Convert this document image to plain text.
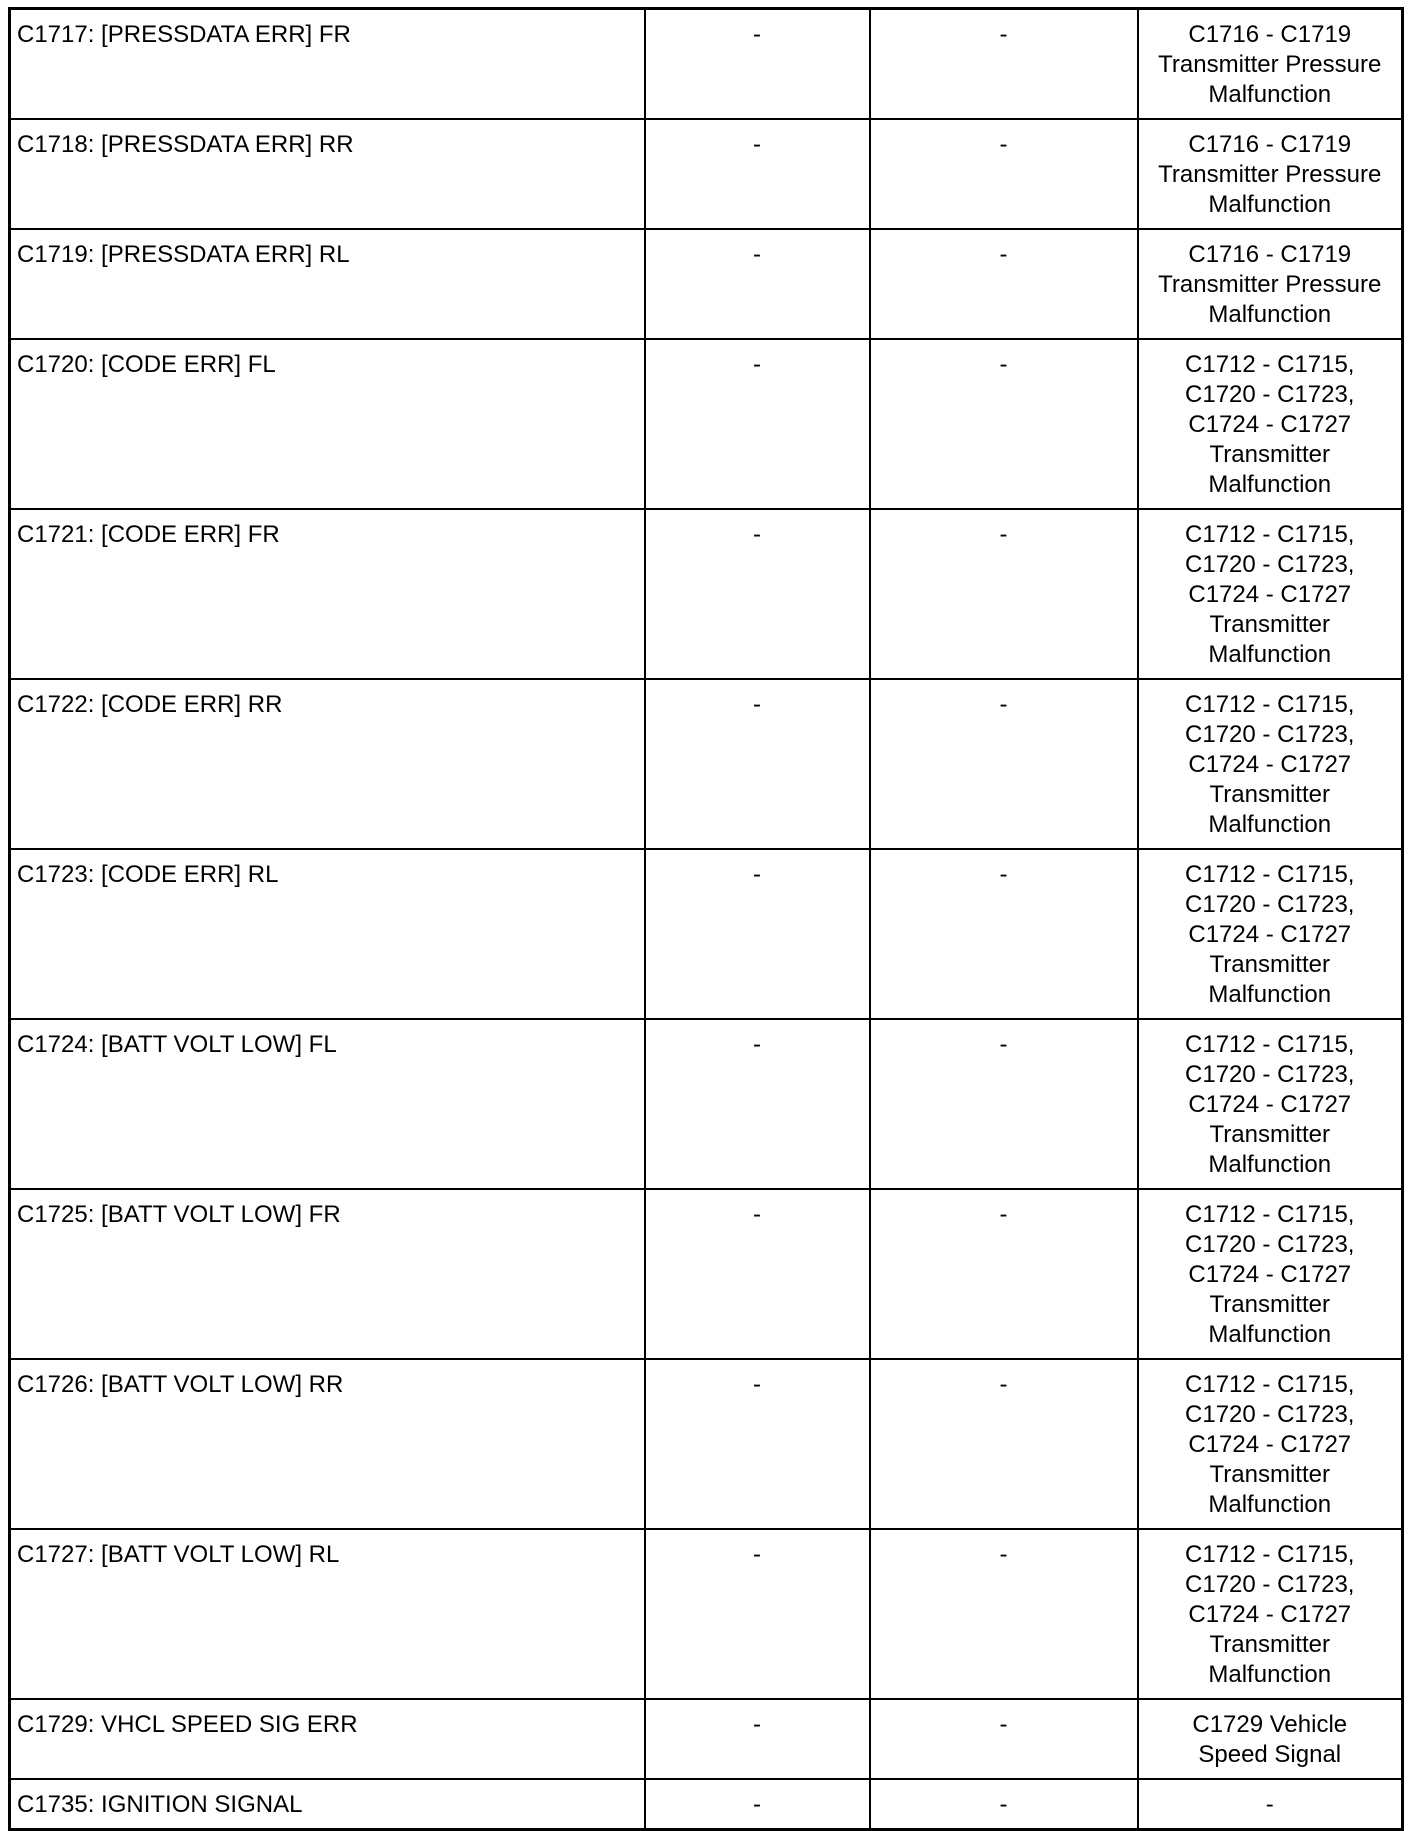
C1717: [PRESSDATA ERR] FR	-	-	C1716 - C1719
Transmitter Pressure
Malfunction

C1718: [PRESSDATA ERR] RR	-	-	C1716 - C1719
Transmitter Pressure
Malfunction

C1719: [PRESSDATA ERR] RL	-	-	C1716 - C1719
Transmitter Pressure
Malfunction

C1720: [CODE ERR] FL	-	-	C1712 - C1715,
C1720 - C1723,
C1724 - C1727
Transmitter
Malfunction

C1721: [CODE ERR] FR	-	-	C1712 - C1715,
C1720 - C1723,
C1724 - C1727
Transmitter
Malfunction

C1722: [CODE ERR] RR	-	-	C1712 - C1715,
C1720 - C1723,
C1724 - C1727
Transmitter
Malfunction

C1723: [CODE ERR] RL	-	-	C1712 - C1715,
C1720 - C1723,
C1724 - C1727
Transmitter
Malfunction

C1724: [BATT VOLT LOW] FL	-	-	C1712 - C1715,
C1720 - C1723,
C1724 - C1727
Transmitter
Malfunction

C1725: [BATT VOLT LOW] FR	-	-	C1712 - C1715,
C1720 - C1723,
C1724 - C1727
Transmitter
Malfunction

C1726: [BATT VOLT LOW] RR	-	-	C1712 - C1715,
C1720 - C1723,
C1724 - C1727
Transmitter
Malfunction

C1727: [BATT VOLT LOW] RL	-	-	C1712 - C1715,
C1720 - C1723,
C1724 - C1727
Transmitter
Malfunction

C1729: VHCL SPEED SIG ERR	-	-	C1729 Vehicle
Speed Signal

C1735: IGNITION SIGNAL	-	-	-
